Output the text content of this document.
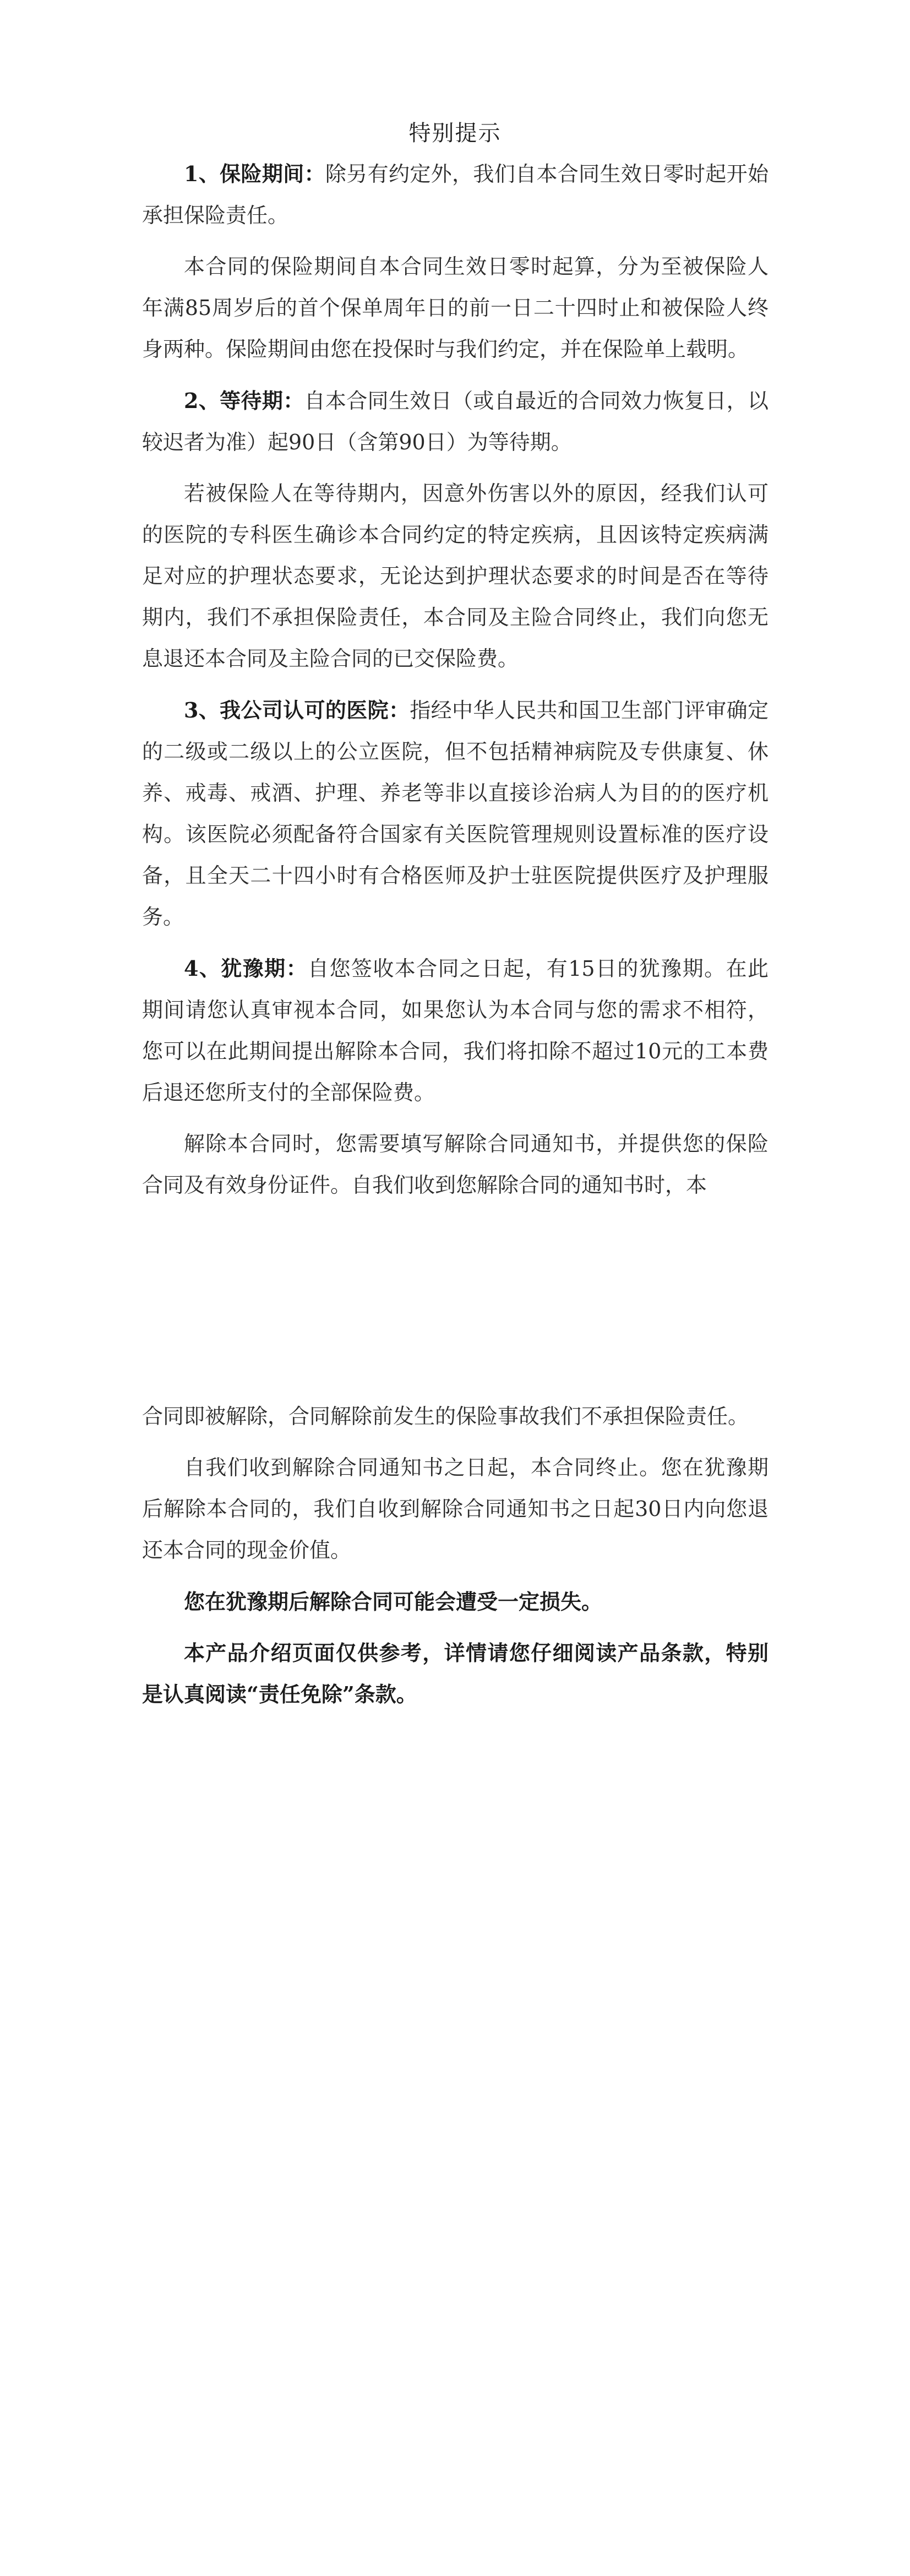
特别提示

1、保险期间：除另有约定外，我们自本合同生效日零时起开始承担保险责任。

本合同的保险期间自本合同生效日零时起算，分为至被保险人年满85周岁后的首个保单周年日的前一日二十四时止和被保险人终身两种。保险期间由您在投保时与我们约定，并在保险单上载明。

2、等待期：自本合同生效日（或自最近的合同效力恢复日，以较迟者为准）起90日（含第90日）为等待期。

若被保险人在等待期内，因意外伤害以外的原因，经我们认可的医院的专科医生确诊本合同约定的特定疾病，且因该特定疾病满足对应的护理状态要求，无论达到护理状态要求的时间是否在等待期内，我们不承担保险责任，本合同及主险合同终止，我们向您无息退还本合同及主险合同的已交保险费。

3、我公司认可的医院：指经中华人民共和国卫生部门评审确定的二级或二级以上的公立医院，但不包括精神病院及专供康复、休养、戒毒、戒酒、护理、养老等非以直接诊治病人为目的的医疗机构。该医院必须配备符合国家有关医院管理规则设置标准的医疗设备，且全天二十四小时有合格医师及护士驻医院提供医疗及护理服务。

4、犹豫期：自您签收本合同之日起，有15日的犹豫期。在此期间请您认真审视本合同，如果您认为本合同与您的需求不相符，您可以在此期间提出解除本合同，我们将扣除不超过10元的工本费后退还您所支付的全部保险费。

解除本合同时，您需要填写解除合同通知书，并提供您的保险合同及有效身份证件。自我们收到您解除合同的通知书时，本

合同即被解除，合同解除前发生的保险事故我们不承担保险责任。

自我们收到解除合同通知书之日起，本合同终止。您在犹豫期后解除本合同的，我们自收到解除合同通知书之日起30日内向您退还本合同的现金价值。

您在犹豫期后解除合同可能会遭受一定损失。

本产品介绍页面仅供参考，详情请您仔细阅读产品条款，特别是认真阅读“责任免除”条款。
